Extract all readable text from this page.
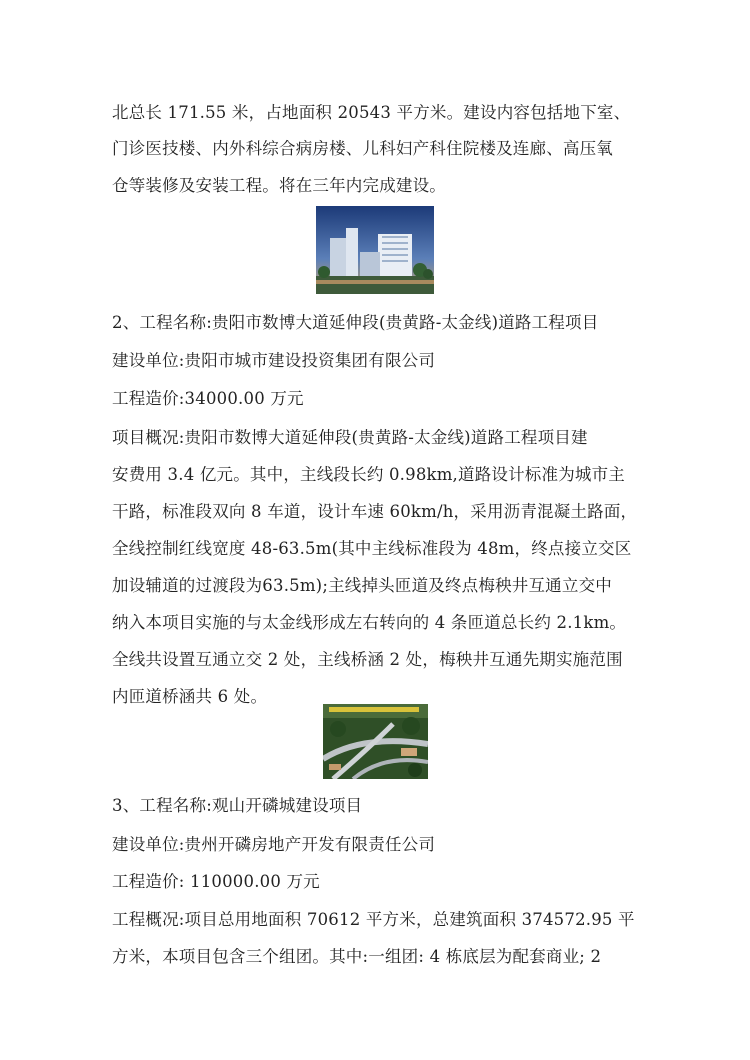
北总长 171.55 米，占地面积 20543 平方米。建设内容包括地下室、
门诊医技楼、内外科综合病房楼、儿科妇产科住院楼及连廊、高压氧
仓等装修及安装工程。将在三年内完成建设。
2、工程名称:贵阳市数博大道延伸段(贵黄路-太金线)道路工程项目
建设单位:贵阳市城市建设投资集团有限公司
工程造价:34000.00 万元
项目概况:贵阳市数博大道延伸段(贵黄路-太金线)道路工程项目建
安费用 3.4 亿元。其中，主线段长约 0.98km,道路设计标准为城市主
干路，标准段双向 8 车道，设计车速 60km/h，采用沥青混凝土路面，
全线控制红线宽度 48-63.5m(其中主线标准段为 48m，终点接立交区
加设辅道的过渡段为63.5m);主线掉头匝道及终点梅秧井互通立交中
纳入本项目实施的与太金线形成左右转向的 4 条匝道总长约 2.1km。
全线共设置互通立交 2 处，主线桥涵 2 处，梅秧井互通先期实施范围
内匝道桥涵共 6 处。
3、工程名称:观山开磷城建设项目
建设单位:贵州开磷房地产开发有限责任公司
工程造价: 110000.00 万元
工程概况:项目总用地面积 70612 平方米，总建筑面积 374572.95 平
方米，本项目包含三个组团。其中:一组团: 4 栋底层为配套商业; 2
